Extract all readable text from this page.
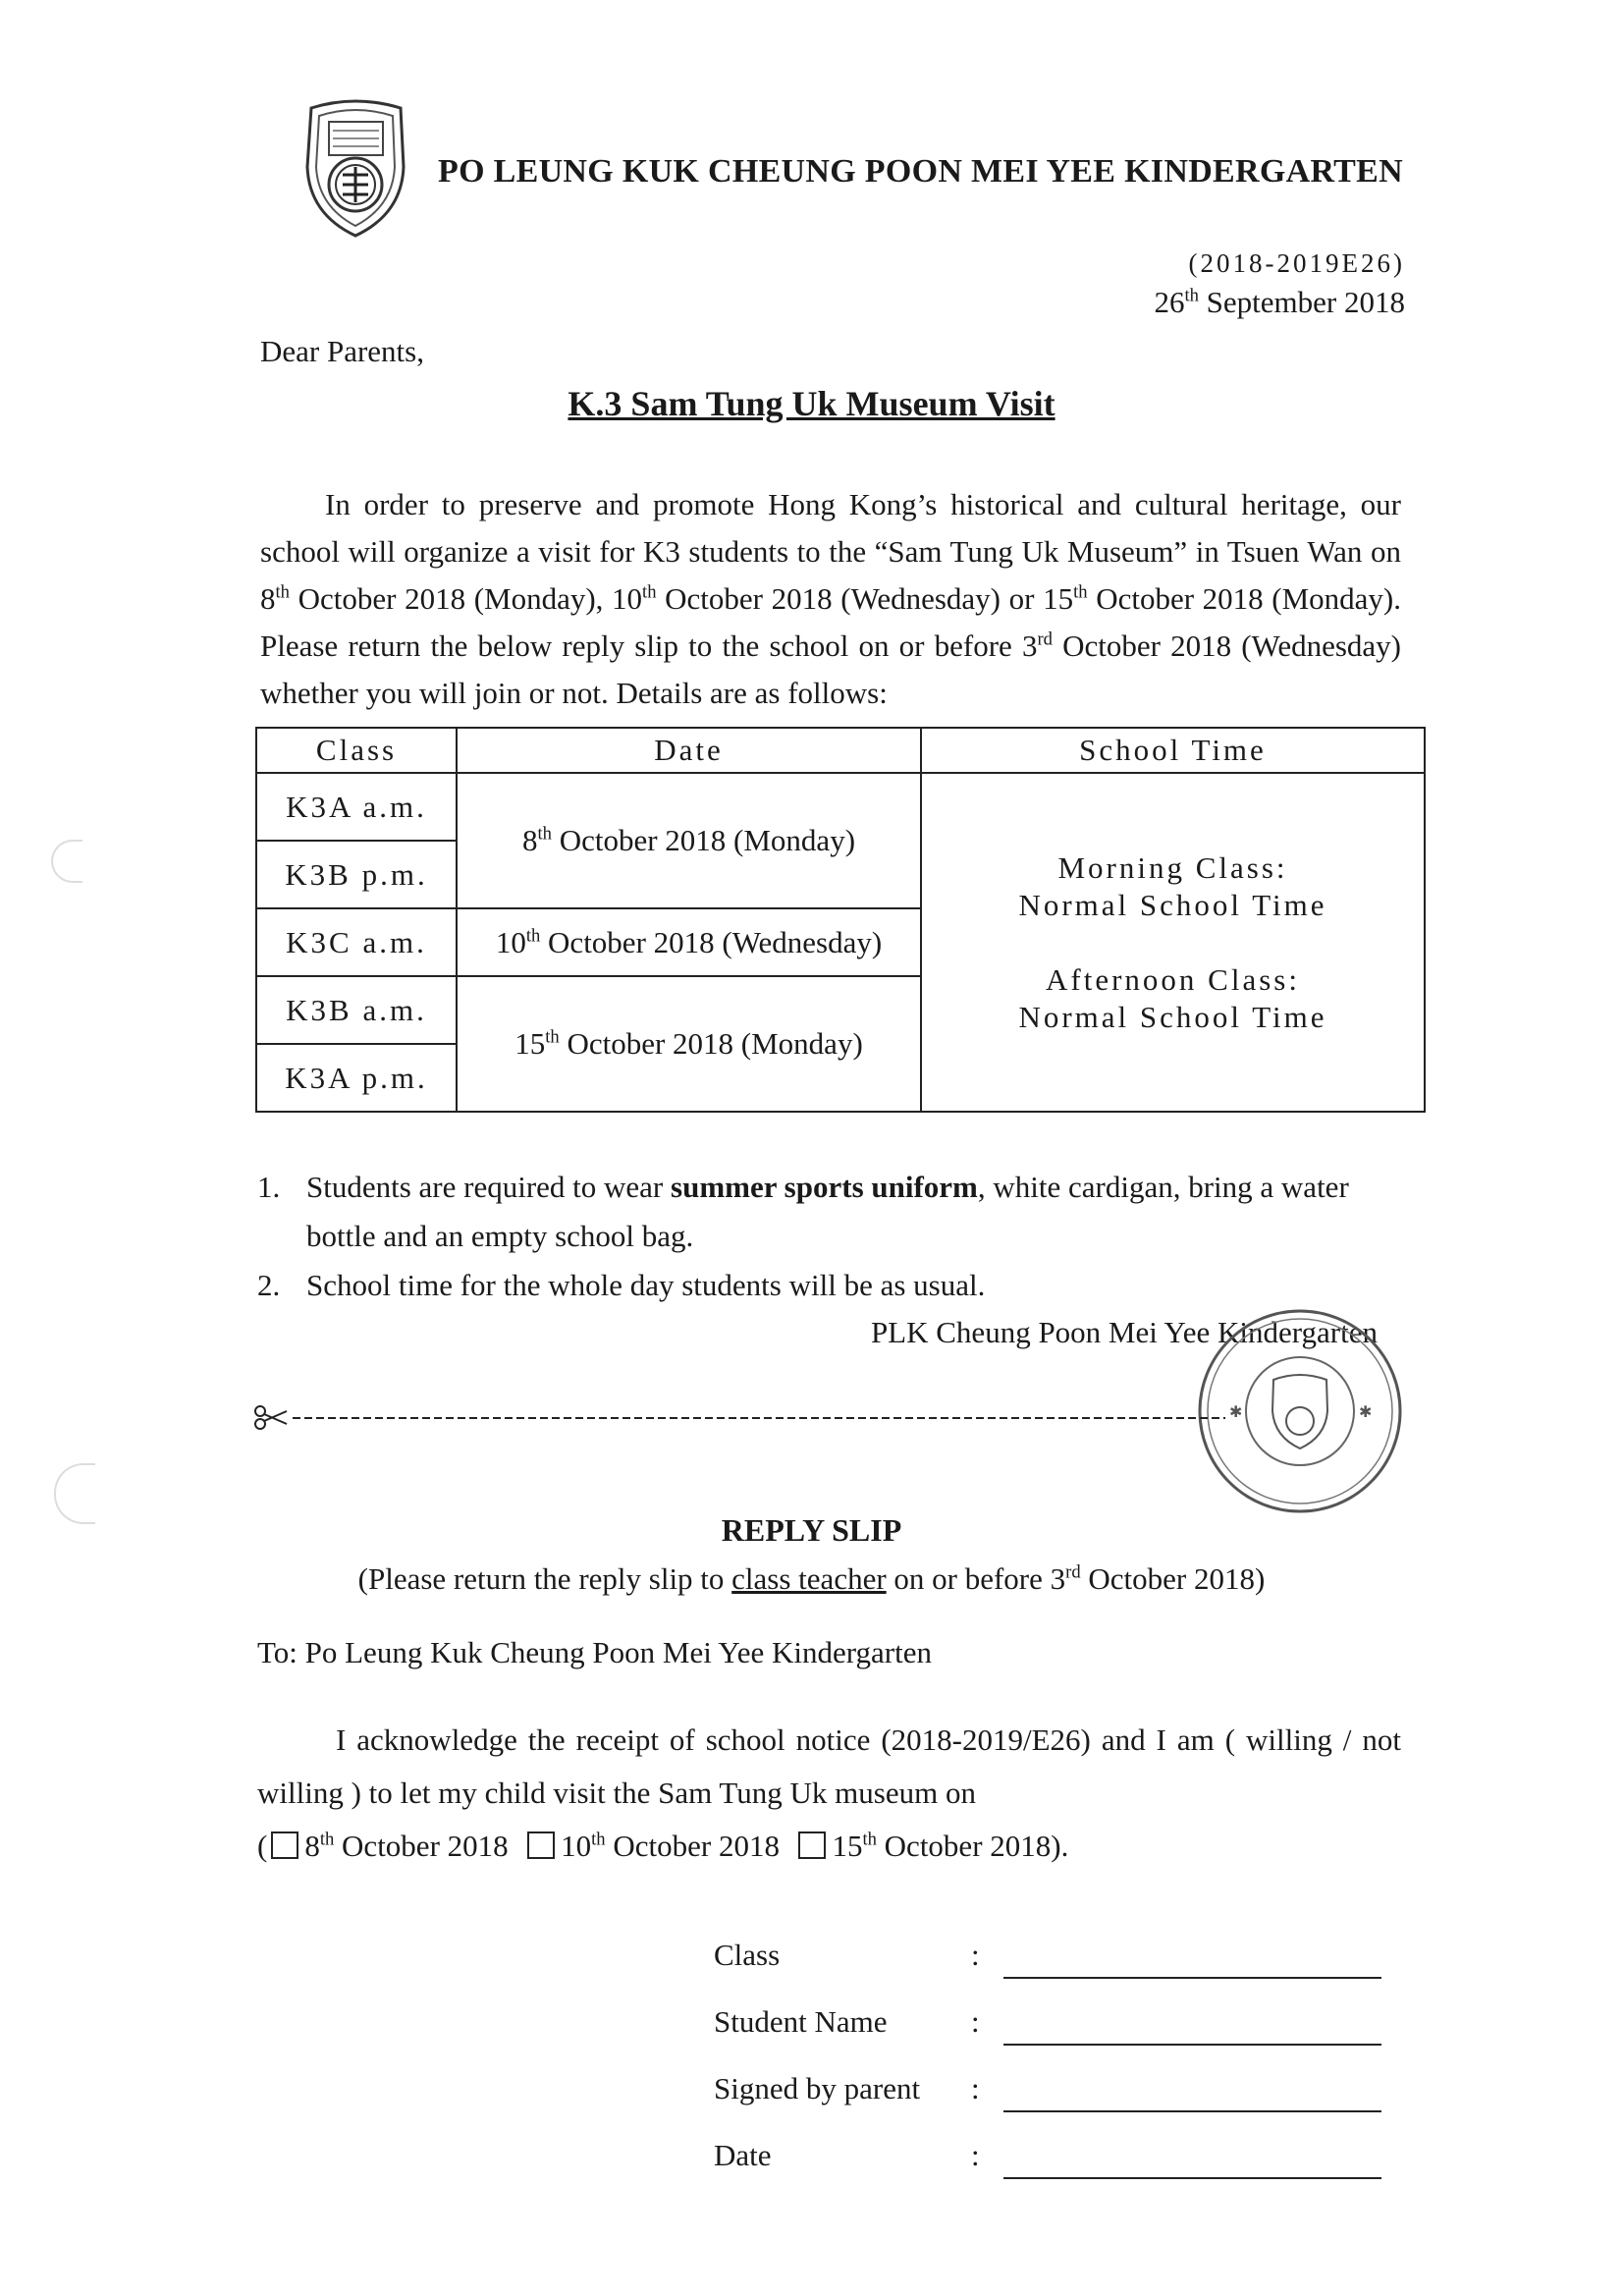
PO LEUNG KUK CHEUNG POON MEI YEE KINDERGARTEN
(2018-2019E26)
26th September 2018
Dear Parents,
K.3 Sam Tung Uk Museum Visit
In order to preserve and promote Hong Kong’s historical and cultural heritage, our school will organize a visit for K3 students to the “Sam Tung Uk Museum” in Tsuen Wan on 8th October 2018 (Monday), 10th October 2018 (Wednesday) or 15th October 2018 (Monday). Please return the below reply slip to the school on or before 3rd October 2018 (Wednesday) whether you will join or not. Details are as follows:
Class	Date	School Time
K3A a.m.	8th October 2018 (Monday)	Morning Class:
Normal School Time
Afternoon Class:
Normal School Time

K3B p.m.		
K3C a.m.	10th October 2018 (Wednesday)	
K3B a.m.	15th October 2018 (Monday)	
K3A p.m.		
1. Students are required to wear summer sports uniform, white cardigan, bring a water bottle and an empty school bag.
2. School time for the whole day students will be as usual.
PLK Cheung Poon Mei Yee Kindergarten
✱	✱
REPLY SLIP
(Please return the reply slip to class teacher on or before 3rd October 2018)
To: Po Leung Kuk Cheung Poon Mei Yee Kindergarten

I acknowledge the receipt of school notice (2018-2019/E26) and I am ( willing / not willing ) to let my child visit the Sam Tung Uk museum on

( 8th October 2018 10th October 2018 15th October 2018).

Class	:
Student Name	:
Signed by parent :
Date	:
